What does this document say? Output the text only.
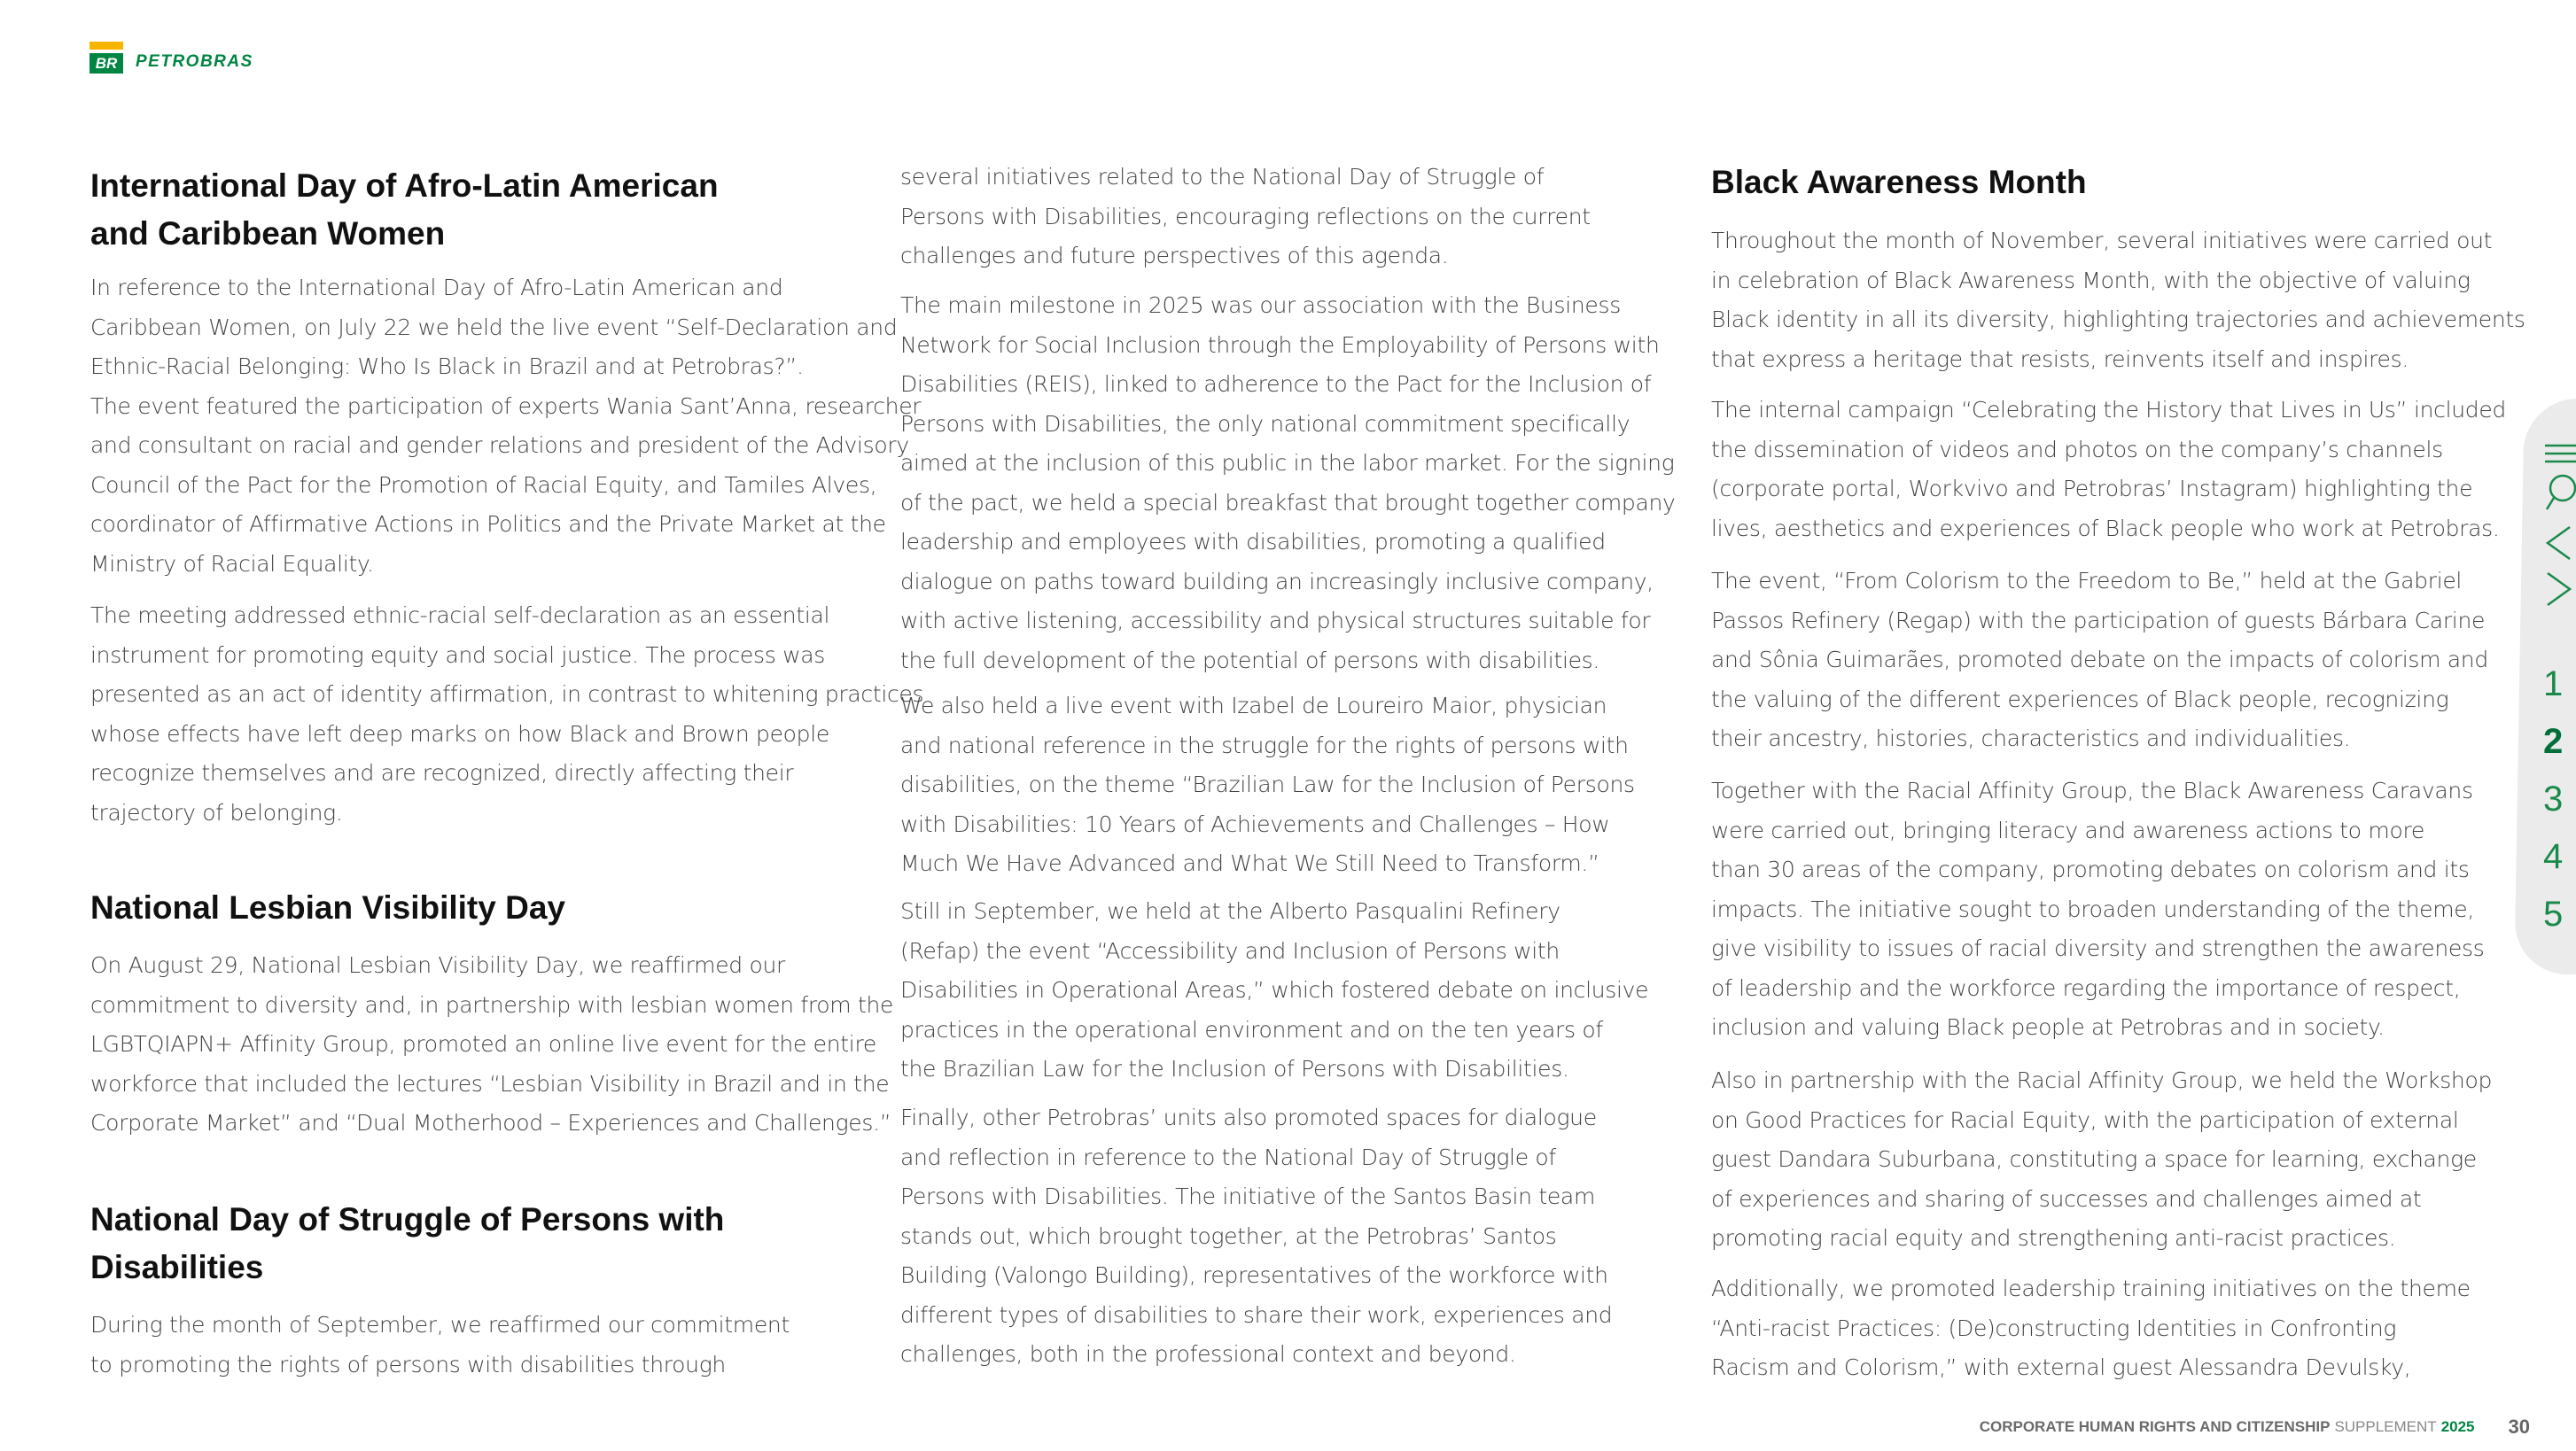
BR	PETROBRAS
International Day of Afro-Latin American
and Caribbean Women
In reference to the International Day of Afro-Latin American and
Caribbean Women, on July 22 we held the live event “Self-Declaration and
Ethnic-Racial Belonging: Who Is Black in Brazil and at Petrobras?”.
The event featured the participation of experts Wania Sant’Anna, researcher
and consultant on racial and gender relations and president of the Advisory
Council of the Pact for the Promotion of Racial Equity, and Tamiles Alves,
coordinator of Affirmative Actions in Politics and the Private Market at the
Ministry of Racial Equality.
The meeting addressed ethnic-racial self-declaration as an essential
instrument for promoting equity and social justice. The process was
presented as an act of identity affirmation, in contrast to whitening practices
whose effects have left deep marks on how Black and Brown people
recognize themselves and are recognized, directly affecting their
trajectory of belonging.
National Lesbian Visibility Day
On August 29, National Lesbian Visibility Day, we reaffirmed our
commitment to diversity and, in partnership with lesbian women from the
LGBTQIAPN+ Affinity Group, promoted an online live event for the entire
workforce that included the lectures “Lesbian Visibility in Brazil and in the
Corporate Market” and “Dual Motherhood – Experiences and Challenges.”
National Day of Struggle of Persons with
Disabilities
During the month of September, we reaffirmed our commitment
to promoting the rights of persons with disabilities through
several initiatives related to the National Day of Struggle of
Persons with Disabilities, encouraging reflections on the current
challenges and future perspectives of this agenda.
The main milestone in 2025 was our association with the Business
Network for Social Inclusion through the Employability of Persons with
Disabilities (REIS), linked to adherence to the Pact for the Inclusion of
Persons with Disabilities, the only national commitment specifically
aimed at the inclusion of this public in the labor market. For the signing
of the pact, we held a special breakfast that brought together company
leadership and employees with disabilities, promoting a qualified
dialogue on paths toward building an increasingly inclusive company,
with active listening, accessibility and physical structures suitable for
the full development of the potential of persons with disabilities.
We also held a live event with Izabel de Loureiro Maior, physician
and national reference in the struggle for the rights of persons with
disabilities, on the theme “Brazilian Law for the Inclusion of Persons
with Disabilities: 10 Years of Achievements and Challenges – How
Much We Have Advanced and What We Still Need to Transform.”
Still in September, we held at the Alberto Pasqualini Refinery
(Refap) the event “Accessibility and Inclusion of Persons with
Disabilities in Operational Areas,” which fostered debate on inclusive
practices in the operational environment and on the ten years of
the Brazilian Law for the Inclusion of Persons with Disabilities.
Finally, other Petrobras’ units also promoted spaces for dialogue
and reflection in reference to the National Day of Struggle of
Persons with Disabilities. The initiative of the Santos Basin team
stands out, which brought together, at the Petrobras’ Santos
Building (Valongo Building), representatives of the workforce with
different types of disabilities to share their work, experiences and
challenges, both in the professional context and beyond.
Black Awareness Month
Throughout the month of November, several initiatives were carried out
in celebration of Black Awareness Month, with the objective of valuing
Black identity in all its diversity, highlighting trajectories and achievements
that express a heritage that resists, reinvents itself and inspires.
The internal campaign “Celebrating the History that Lives in Us” included
the dissemination of videos and photos on the company’s channels
(corporate portal, Workvivo and Petrobras’ Instagram) highlighting the
lives, aesthetics and experiences of Black people who work at Petrobras.
The event, “From Colorism to the Freedom to Be,” held at the Gabriel
Passos Refinery (Regap) with the participation of guests Bárbara Carine
and Sônia Guimarães, promoted debate on the impacts of colorism and
the valuing of the different experiences of Black people, recognizing
their ancestry, histories, characteristics and individualities.
Together with the Racial Affinity Group, the Black Awareness Caravans
were carried out, bringing literacy and awareness actions to more
than 30 areas of the company, promoting debates on colorism and its
impacts. The initiative sought to broaden understanding of the theme,
give visibility to issues of racial diversity and strengthen the awareness
of leadership and the workforce regarding the importance of respect,
inclusion and valuing Black people at Petrobras and in society.
Also in partnership with the Racial Affinity Group, we held the Workshop
on Good Practices for Racial Equity, with the participation of external
guest Dandara Suburbana, constituting a space for learning, exchange
of experiences and sharing of successes and challenges aimed at
promoting racial equity and strengthening anti-racist practices.
Additionally, we promoted leadership training initiatives on the theme
“Anti-racist Practices: (De)constructing Identities in Confronting
Racism and Colorism,” with external guest Alessandra Devulsky,
1
2
3
4
5
CORPORATE HUMAN RIGHTS AND CITIZENSHIP SUPPLEMENT 2025 30
